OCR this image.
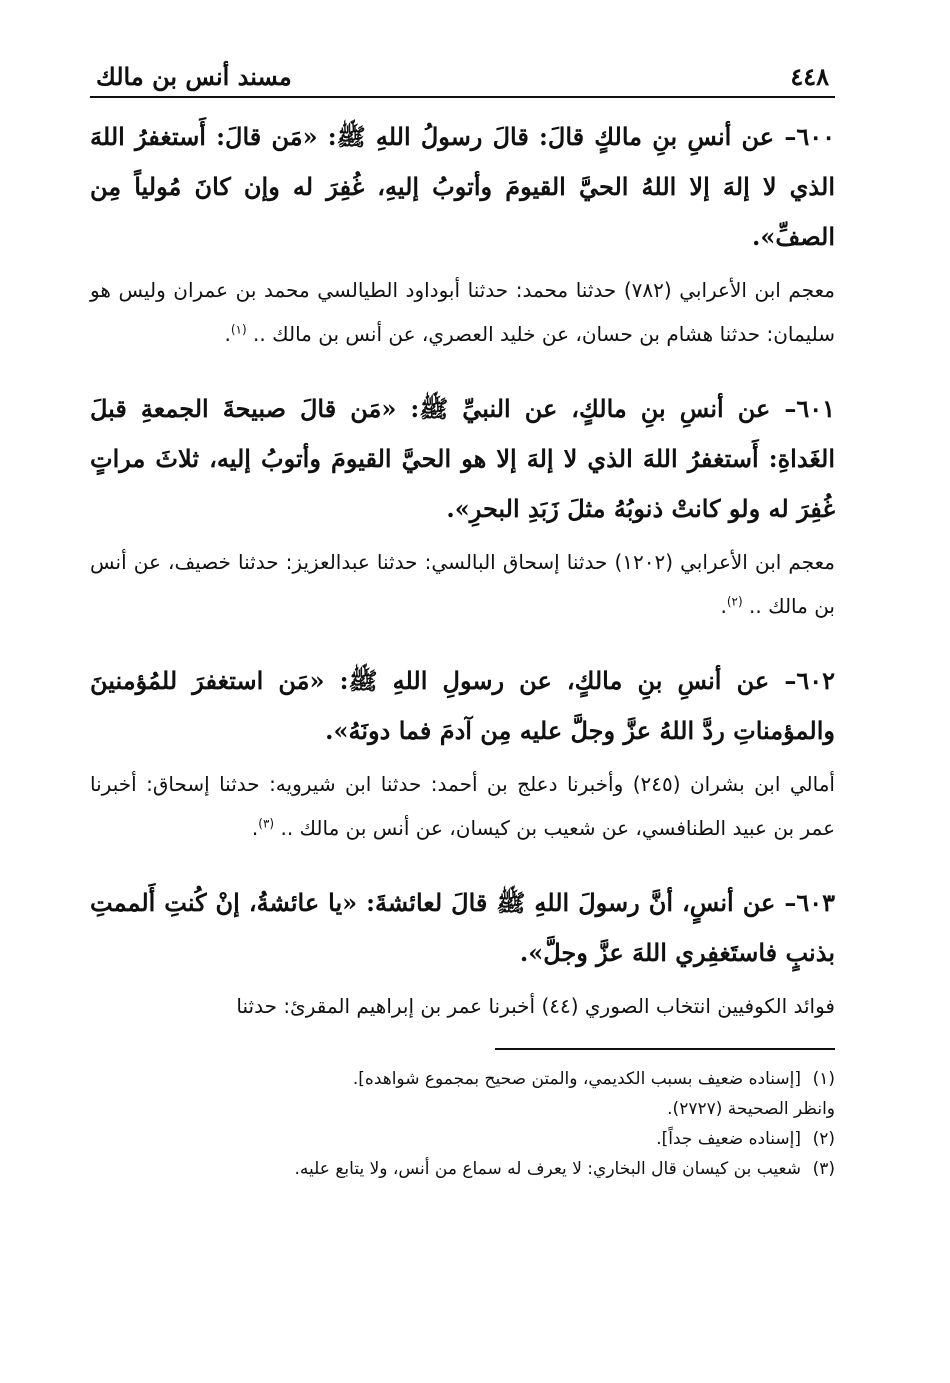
٤٤٨
مسند أنس بن مالك

٦٠٠– عن أنسِ بنِ مالكٍ قالَ: قالَ رسولُ اللهِ ﷺ: «مَن قالَ: أَستغفرُ اللهَ الذي لا إلهَ إلا اللهُ الحيَّ القيومَ وأتوبُ إليهِ، غُفِرَ له وإن كانَ مُولياً مِن الصفِّ».

معجم ابن الأعرابي (٧٨٢) حدثنا محمد: حدثنا أبوداود الطيالسي محمد بن عمران وليس هو سليمان: حدثنا هشام بن حسان، عن خليد العصري، عن أنس بن مالك .. $^{(١)}$.

٦٠١– عن أنسِ بنِ مالكٍ، عن النبيِّ ﷺ: «مَن قالَ صبيحةَ الجمعةِ قبلَ الغَداةِ: أَستغفرُ اللهَ الذي لا إلهَ إلا هو الحيَّ القيومَ وأتوبُ إليه، ثلاثَ مراتٍ غُفِرَ له ولو كانتْ ذنوبُهُ مثلَ زَبَدِ البحرِ».

معجم ابن الأعرابي (١٢٠٢) حدثنا إسحاق البالسي: حدثنا عبدالعزيز: حدثنا خصيف، عن أنس بن مالك .. $^{(٢)}$.

٦٠٢– عن أنسِ بنِ مالكٍ، عن رسولِ اللهِ ﷺ: «مَن استغفرَ للمُؤمنينَ والمؤمناتِ ردَّ اللهُ عزَّ وجلَّ عليه مِن آدمَ فما دونَهُ».

أمالي ابن بشران (٢٤٥) وأخبرنا دعلج بن أحمد: حدثنا ابن شيرويه: حدثنا إسحاق: أخبرنا عمر بن عبيد الطنافسي، عن شعيب بن كيسان، عن أنس بن مالك .. $^{(٣)}$.

٦٠٣– عن أنسٍ، أنَّ رسولَ اللهِ ﷺ قالَ لعائشةَ: «يا عائشةُ، إنْ كُنتِ أَلممتِ بذنبٍ فاستَغفِري اللهَ عزَّ وجلَّ».

فوائد الكوفيين انتخاب الصوري (٤٤) أخبرنا عمر بن إبراهيم المقرئ: حدثنا

(١)[إسناده ضعيف بسبب الكديمي، والمتن صحيح بمجموع شواهده].

وانظر الصحيحة (٢٧٢٧).

(٢)[إسناده ضعيف جداً].

(٣)شعيب بن كيسان قال البخاري: لا يعرف له سماع من أنس، ولا يتابع عليه.
